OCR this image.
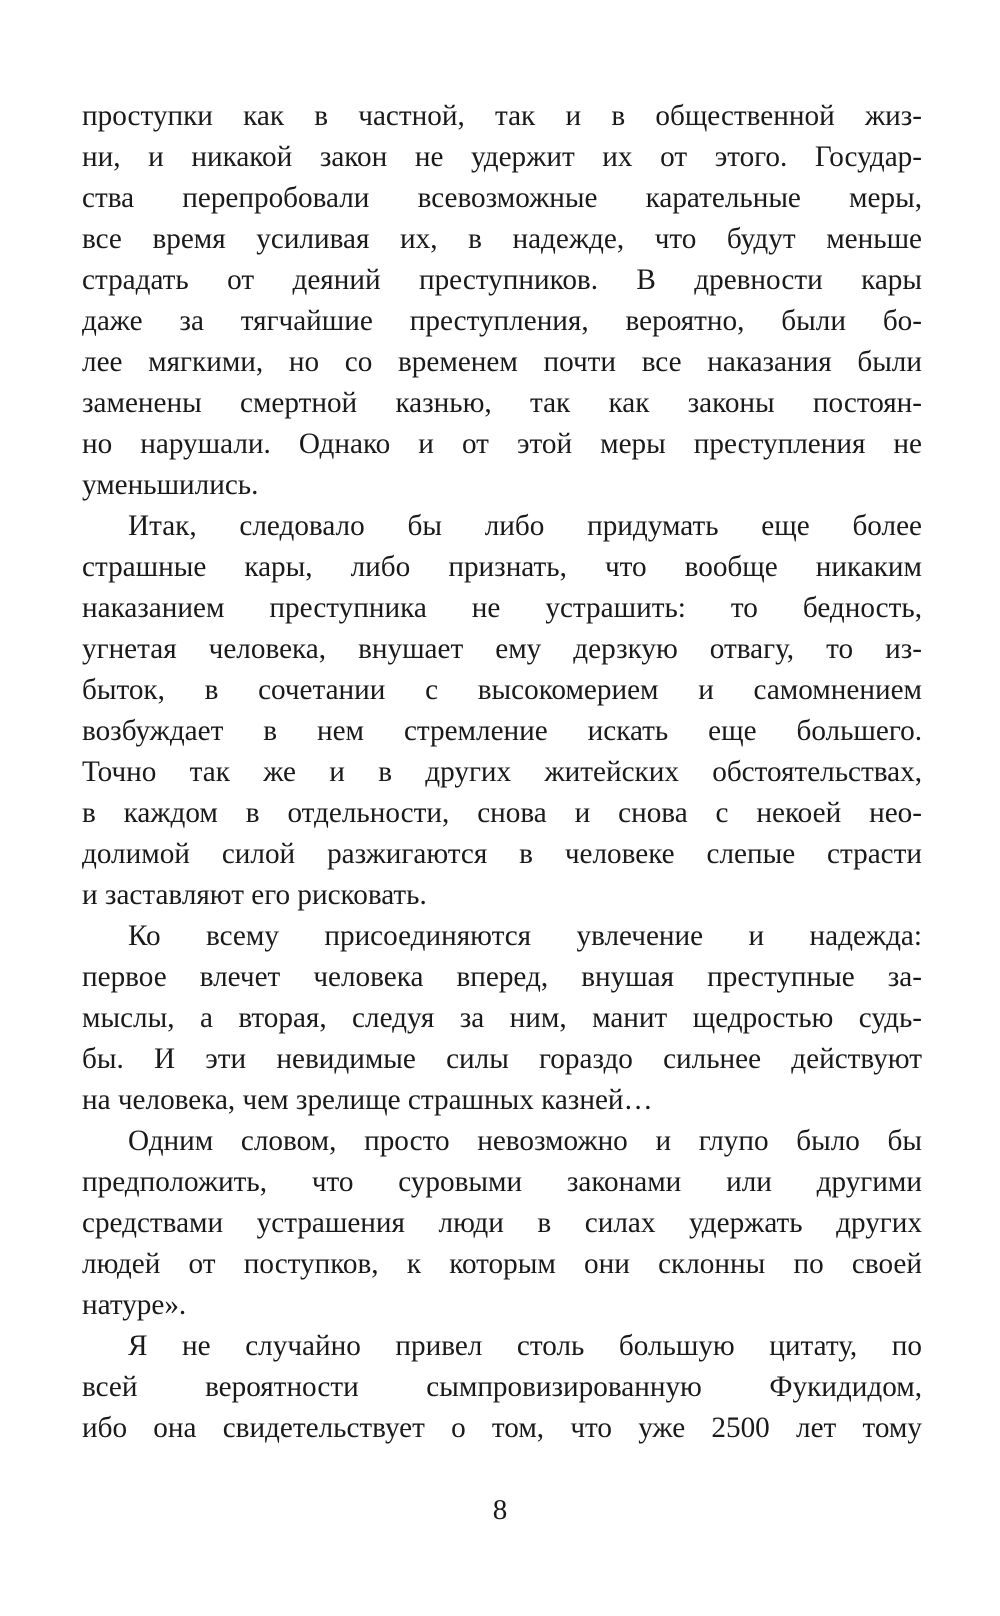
проступки как в частной, так и в общественной жиз-
ни, и никакой закон не удержит их от этого. Государ-
ства перепробовали всевозможные карательные меры,
все время усиливая их, в надежде, что будут меньше
страдать от деяний преступников. В древности кары
даже за тягчайшие преступления, вероятно, были бо-
лее мягкими, но со временем почти все наказания были
заменены смертной казнью, так как законы постоян-
но нарушали. Однако и от этой меры преступления не
уменьшились.
Итак, следовало бы либо придумать еще более
страшные кары, либо признать, что вообще никаким
наказанием преступника не устрашить: то бедность,
угнетая человека, внушает ему дерзкую отвагу, то из-
быток, в сочетании с высокомерием и самомнением
возбуждает в нем стремление искать еще большего.
Точно так же и в других житейских обстоятельствах,
в каждом в отдельности, снова и снова с некоей нео-
долимой силой разжигаются в человеке слепые страсти
и заставляют его рисковать.
Ко всему присоединяются увлечение и надежда:
первое влечет человека вперед, внушая преступные за-
мыслы, а вторая, следуя за ним, манит щедростью судь-
бы. И эти невидимые силы гораздо сильнее действуют
на человека, чем зрелище страшных казней…
Одним словом, просто невозможно и глупо было бы
предположить, что суровыми законами или другими
средствами устрашения люди в силах удержать других
людей от поступков, к которым они склонны по своей
натуре».
Я не случайно привел столь большую цитату, по
всей вероятности сымпровизированную Фукидидом,
ибо она свидетельствует о том, что уже 2500 лет тому
8
